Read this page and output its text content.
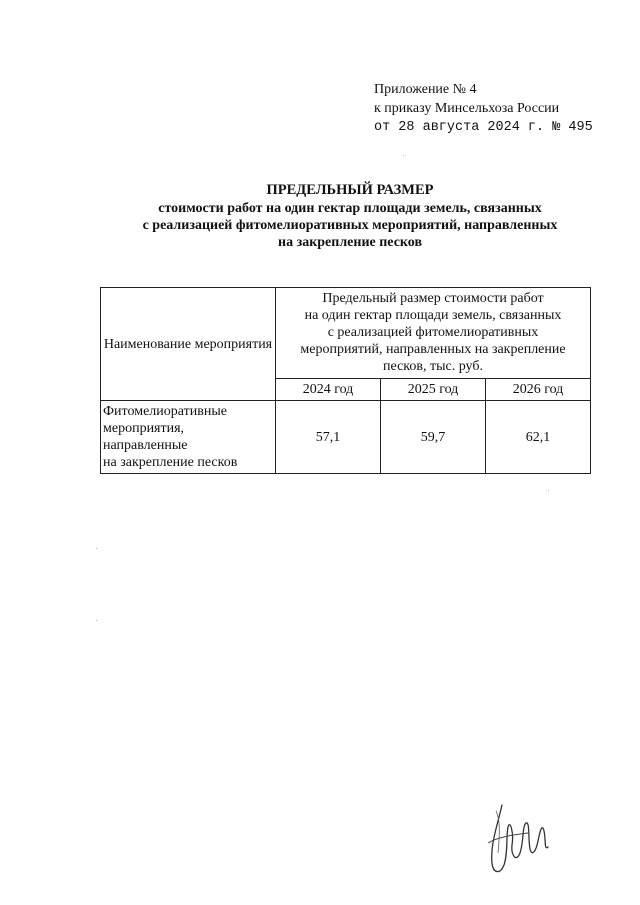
Приложение № 4
к приказу Минсельхоза России
от 28 августа 2024 г. № 495
ПРЕДЕЛЬНЫЙ РАЗМЕР
стоимости работ на один гектар площади земель, связанных
с реализацией фитомелиоративных мероприятий, направленных
на закрепление песков
Наименование мероприятия	Предельный размер стоимости работ
на один гектар площади земель, связанных
с реализацией фитомелиоративных
мероприятий, направленных на закрепление
песков, тыс. руб.		

	2024 год	2025 год	2026 год

Фитомелиоративные
мероприятия,
направленные
на закрепление песков	57,1	59,7	62,1
